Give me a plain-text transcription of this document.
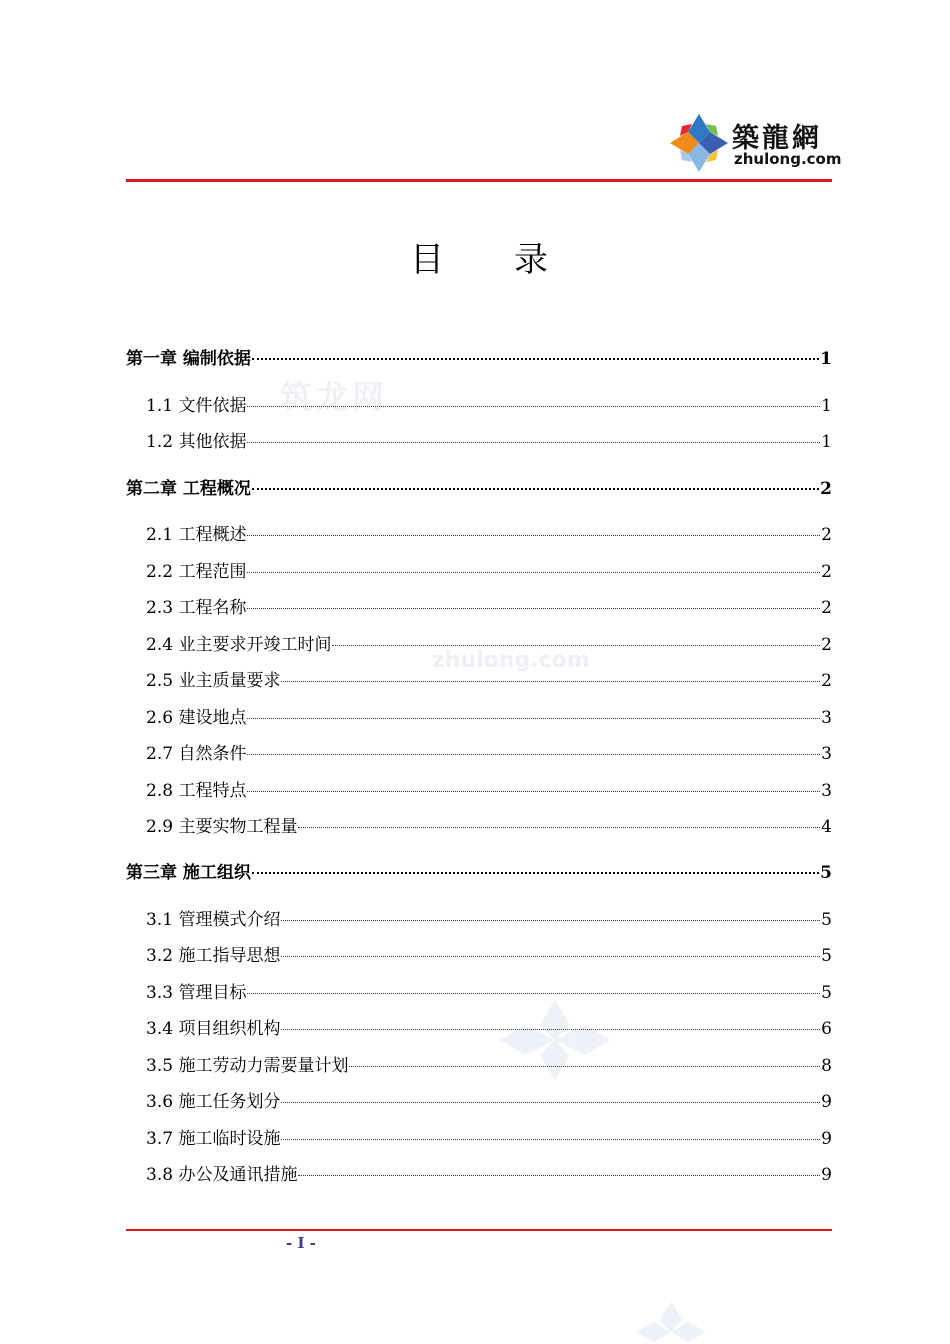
筑龙网
zhulong.com
築龍網
zhulong.com
目 录
第一章 编制依据	1
1.1 文件依据	1
1.2 其他依据	1
第二章 工程概况	2
2.1 工程概述	2
2.2 工程范围	2
2.3 工程名称	2
2.4 业主要求开竣工时间	2
2.5 业主质量要求	2
2.6 建设地点	3
2.7 自然条件	3
2.8 工程特点	3
2.9 主要实物工程量	4
第三章 施工组织	5
3.1 管理模式介绍	5
3.2 施工指导思想	5
3.3 管理目标	5
3.4 项目组织机构	6
3.5 施工劳动力需要量计划	8
3.6 施工任务划分	9
3.7 施工临时设施	9
3.8 办公及通讯措施	9
- I -
